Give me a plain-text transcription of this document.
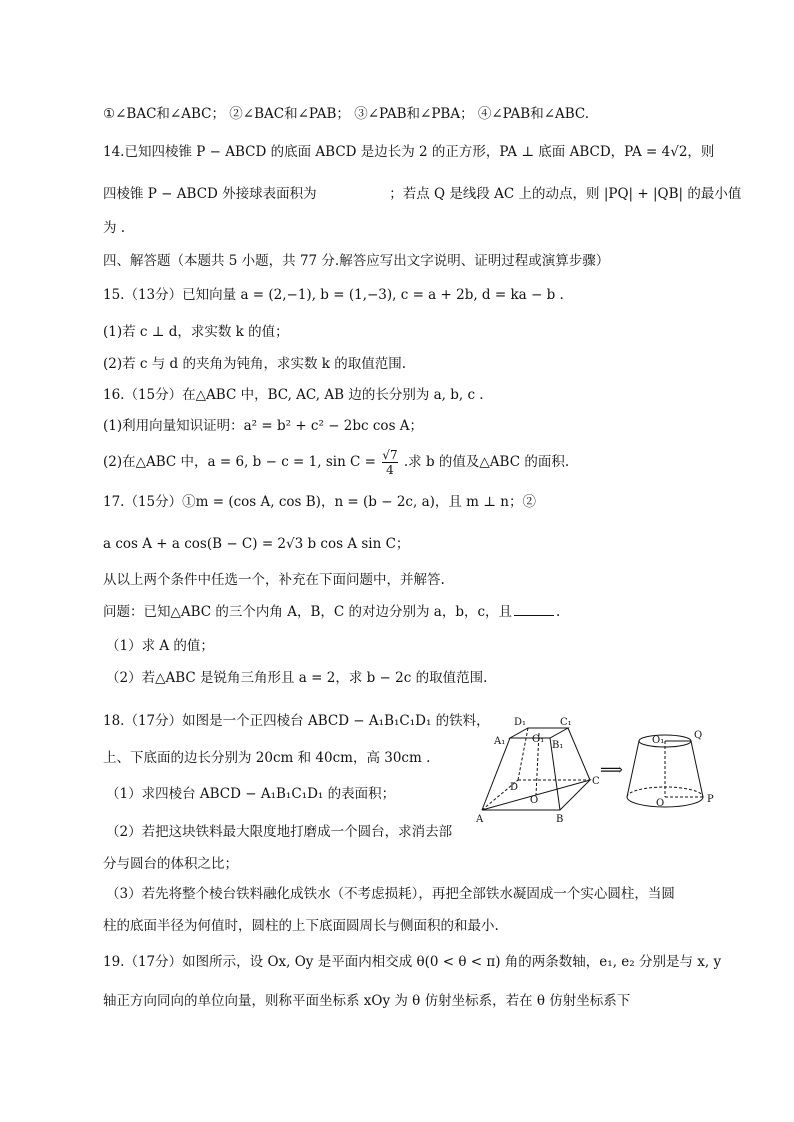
①∠BAC和∠ABC； ②∠BAC和∠PAB； ③∠PAB和∠PBA； ④∠PAB和∠ABC.
14.已知四棱锥 P − ABCD 的底面 ABCD 是边长为 2 的正方形，PA ⊥ 底面 ABCD，PA = 4√2，则
四棱锥 P − ABCD 外接球表面积为	；若点 Q 是线段 AC 上的动点，则 |PQ| + |QB| 的最小值
为 .
四、解答题（本题共 5 小题，共 77 分.解答应写出文字说明、证明过程或演算步骤）
15.（13分）已知向量 a = (2,−1), b = (1,−3), c = a + 2b, d = ka − b .
(1)若 c ⊥ d，求实数 k 的值；
(2)若 c 与 d 的夹角为钝角，求实数 k 的取值范围.
16.（15分）在△ABC 中，BC, AC, AB 边的长分别为 a, b, c .
(1)利用向量知识证明：a² = b² + c² − 2bc cos A；
(2)在△ABC 中，a = 6, b − c = 1, $\sin C = \frac{√7}{4}$ .求 b 的值及△ABC 的面积.
17.（15分）①m = (cos A, cos B)，n = (b − 2c, a)，且 m ⊥ n；②
a cos A + a cos(B − C) = 2√3 b cos A sin C；
从以上两个条件中任选一个，补充在下面问题中，并解答.
问题：已知△ABC 的三个内角 A，B，C 的对边分别为 a，b，c，且	.
（1）求 A 的值；
（2）若△ABC 是锐角三角形且 a = 2，求 b − 2c 的取值范围.
18.（17分）如图是一个正四棱台 ABCD − A₁B₁C₁D₁ 的铁料，
上、下底面的边长分别为 20cm 和 40cm，高 30cm .
（1）求四棱台 ABCD − A₁B₁C₁D₁ 的表面积；
（2）若把这块铁料最大限度地打磨成一个圆台，求消去部
分与圆台的体积之比；
（3）若先将整个棱台铁料融化成铁水（不考虑损耗），再把全部铁水凝固成一个实心圆柱，当圆
柱的底面半径为何值时，圆柱的上下底面圆周长与侧面积的和最小.
19.（17分）如图所示，设 Ox, Oy 是平面内相交成 θ(0 < θ < π) 角的两条数轴，e₁, e₂ 分别是与 x, y
轴正方向同向的单位向量，则称平面坐标系 xOy 为 θ 仿射坐标系，若在 θ 仿射坐标系下
D₁	C₁
A₁	O₁
B₁
C
D
O
A	B
⟹
O₁	Q
O	P
